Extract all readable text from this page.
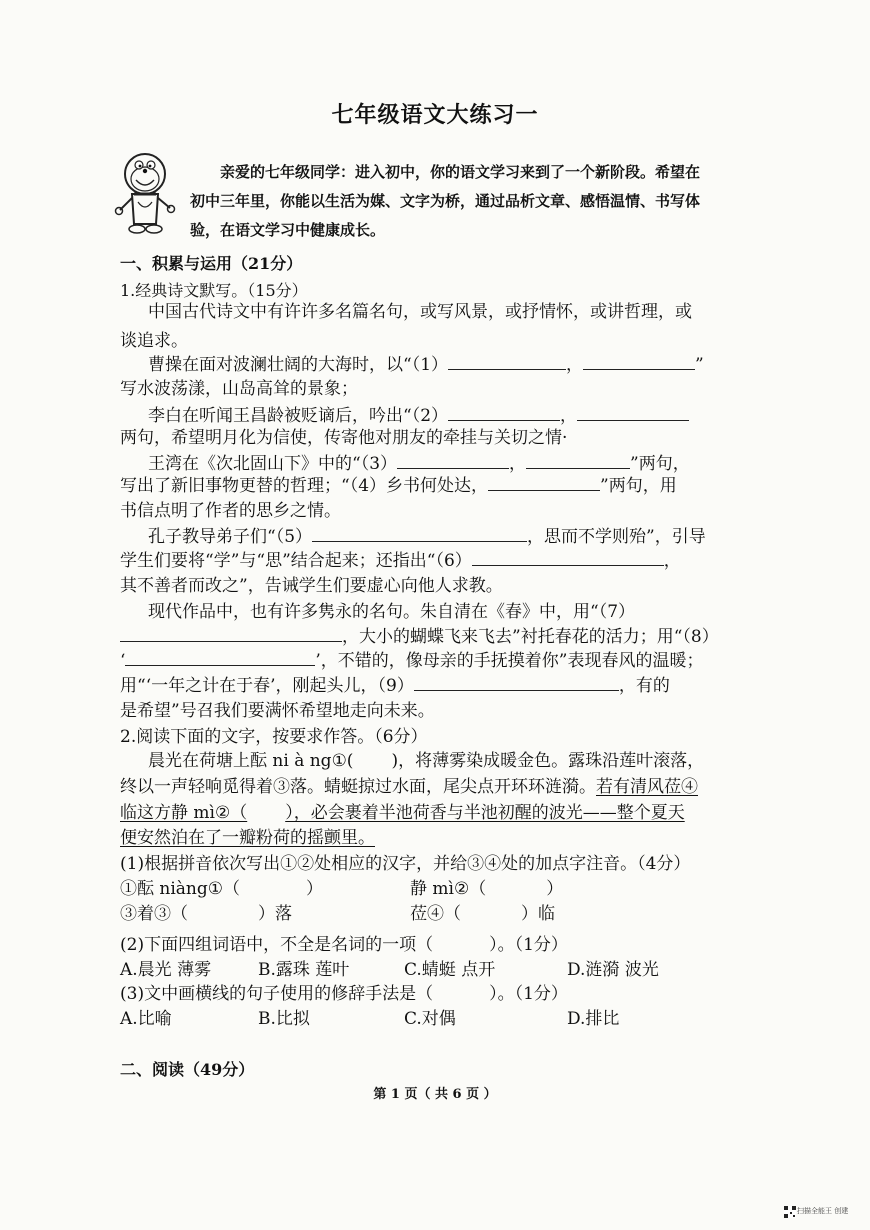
七年级语文大练习一
亲爱的七年级同学：进入初中，你的语文学习来到了一个新阶段。希望在
初中三年里，你能以生活为媒、文字为桥，通过品析文章、感悟温情、书写体
验，在语文学习中健康成长。
一、积累与运用（21分）
1.经典诗文默写。（15分）
中国古代诗文中有许许多名篇名句，或写风景，或抒情怀，或讲哲理，或
谈追求。
曹操在面对波澜壮阔的大海时，以“（1）	，	”
写水波荡漾，山岛高耸的景象；
李白在听闻王昌龄被贬谪后，吟出“（2）	，
两句，希望明月化为信使，传寄他对朋友的牵挂与关切之情·
王湾在《次北固山下》中的“（3）	，	”两句，
写出了新旧事物更替的哲理；“（4）乡书何处达，	”两句，用
书信点明了作者的思乡之情。
孔子教导弟子们“（5）	，思而不学则殆”，引导
学生们要将“学”与“思”结合起来；还指出“（6）	，
其不善者而改之”，告诫学生们要虚心向他人求教。
现代作品中，也有许多隽永的名句。朱自清在《春》中，用“（7）
，大小的蝴蝶飞来飞去”衬托春花的活力；用“（8）
‘	’，不错的，像母亲的手抚摸着你”表现春风的温暖；
用“‘一年之计在于春’，刚起头儿，（9）	，有的
是希望”号召我们要满怀希望地走向未来。
2.阅读下面的文字，按要求作答。（6分）
晨光在荷塘上酝 ni à ng①( )，将薄雾染成暖金色。露珠沿莲叶滚落，
终以一声轻响觅得着③落。蜻蜓掠过水面，尾尖点开环环涟漪。若有清风莅④
临这方静 mì②（ ），必会裹着半池荷香与半池初醒的波光——整个夏天
便安然泊在了一瓣粉荷的摇颤里。
(1)根据拼音依次写出①②处相应的汉字，并给③④处的加点字注音。（4分）
①酝 niàng①（	）	静 mì②（	）
③着③（	）落	莅④（	）临
(2)下面四组词语中，不全是名词的一项（	）。（1分）
A.晨光 薄雾	B.露珠 莲叶	C.蜻蜓 点开	D.涟漪 波光
(3)文中画横线的句子使用的修辞手法是（	）。（1分）
A.比喻	B.比拟	C.对偶	D.排比
二、阅读（49分）
第 1 页（ 共 6 页 ）
扫描全能王 创建
